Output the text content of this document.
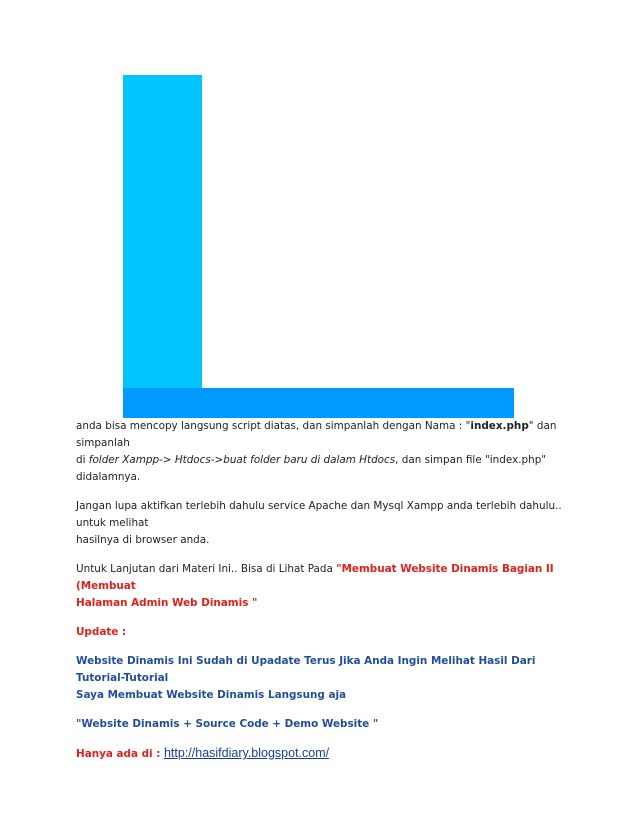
anda bisa mencopy langsung script diatas, dan simpanlah dengan Nama : "index.php" dan simpanlah
di folder Xampp-> Htdocs->buat folder baru di dalam Htdocs, dan simpan file "index.php" didalamnya.

Jangan lupa aktifkan terlebih dahulu service Apache dan Mysql Xampp anda terlebih dahulu.. untuk melihat
hasilnya di browser anda.

Untuk Lanjutan dari Materi Ini.. Bisa di Lihat Pada "Membuat Website Dinamis Bagian II (Membuat
Halaman Admin Web Dinamis "

Update :

Website Dinamis Ini Sudah di Upadate Terus Jika Anda Ingin Melihat Hasil Dari Tutorial-Tutorial
Saya Membuat Website Dinamis Langsung aja

"Website Dinamis + Source Code + Demo Website "

Hanya ada di : http://hasifdiary.blogspot.com/
